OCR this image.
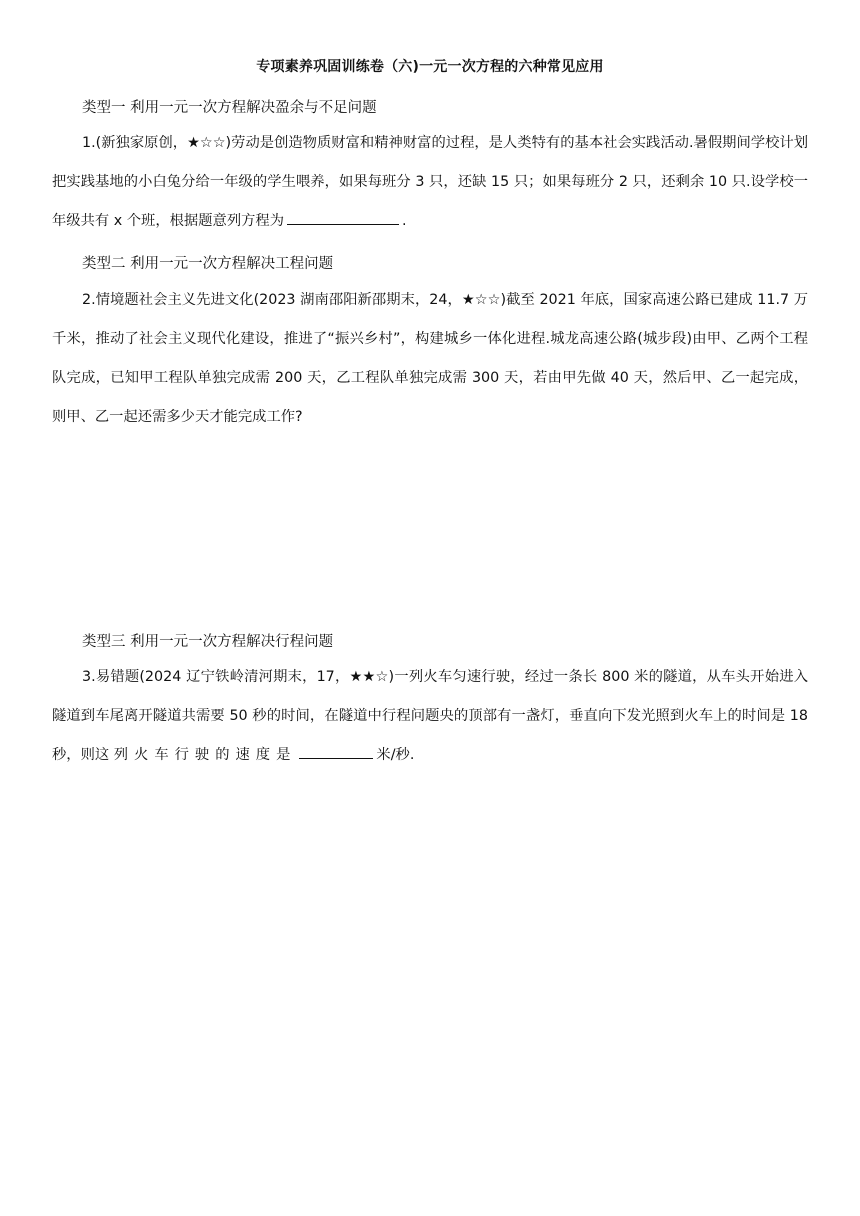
专项素养巩固训练卷（六)一元一次方程的六种常见应用
类型一 利用一元一次方程解决盈余与不足问题
1.(新独家原创，★☆☆)劳动是创造物质财富和精神财富的过程，是人类特有的基本社会实践活动.暑假期间学校计划把实践基地的小白兔分给一年级的学生喂养，如果每班分 3 只，还缺 15 只；如果每班分 2 只，还剩余 10 只.设学校一年级共有 x 个班，根据题意列方程为	.
类型二 利用一元一次方程解决工程问题
2.情境题社会主义先进文化(2023 湖南邵阳新邵期末，24，★☆☆)截至 2021 年底，国家高速公路已建成 11.7 万千米，推动了社会主义现代化建设，推进了“振兴乡村”，构建城乡一体化进程.城龙高速公路(城步段)由甲、乙两个工程队完成，已知甲工程队单独完成需 200 天，乙工程队单独完成需 300 天，若由甲先做 40 天，然后甲、乙一起完成，则甲、乙一起还需多少天才能完成工作?
类型三 利用一元一次方程解决行程问题
3.易错题(2024 辽宁铁岭清河期末，17，★★☆)一列火车匀速行驶，经过一条长 800 米的隧道，从车头开始进入隧道到车尾离开隧道共需要 50 秒的时间，在隧道中行程问题央的顶部有一盏灯，垂直向下发光照到火车上的时间是 18 秒，则这 列火车行驶的速度是	米/秒.
